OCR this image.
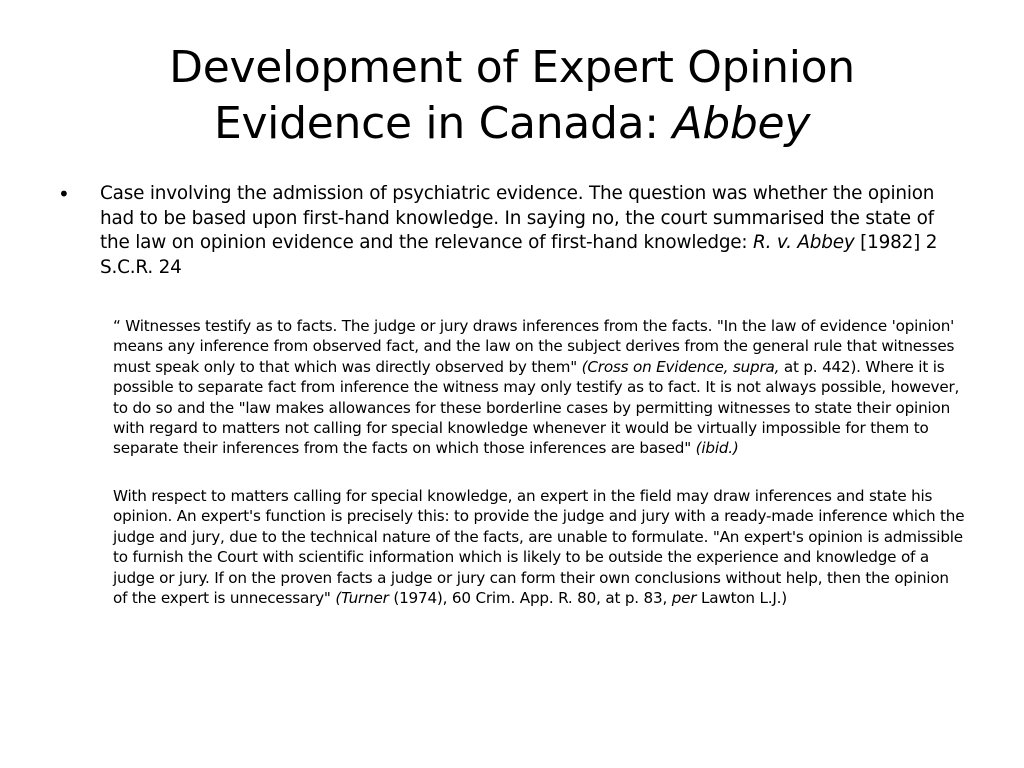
Development of Expert Opinion
Evidence in Canada: Abbey
•	Case involving the admission of psychiatric evidence. The question was whether the opinion had to be based upon first-hand knowledge. In saying no, the court summarised the state of the law on opinion evidence and the relevance of first-hand knowledge: R. v. Abbey [1982] 2 S.C.R. 24

“ Witnesses testify as to facts. The judge or jury draws inferences from the facts. "In the law of evidence 'opinion' means any inference from observed fact, and the law on the subject derives from the general rule that witnesses must speak only to that which was directly observed by them" (Cross on Evidence, supra, at p. 442). Where it is possible to separate fact from inference the witness may only testify as to fact. It is not always possible, however, to do so and the "law makes allowances for these borderline cases by permitting witnesses to state their opinion with regard to matters not calling for special knowledge whenever it would be virtually impossible for them to separate their inferences from the facts on which those inferences are based" (ibid.)

With respect to matters calling for special knowledge, an expert in the field may draw inferences and state his opinion. An expert's function is precisely this: to provide the judge and jury with a ready-made inference which the judge and jury, due to the technical nature of the facts, are unable to formulate. "An expert's opinion is admissible to furnish the Court with scientific information which is likely to be outside the experience and knowledge of a judge or jury. If on the proven facts a judge or jury can form their own conclusions without help, then the opinion of the expert is unnecessary" (Turner (1974), 60 Crim. App. R. 80, at p. 83, per Lawton L.J.)
